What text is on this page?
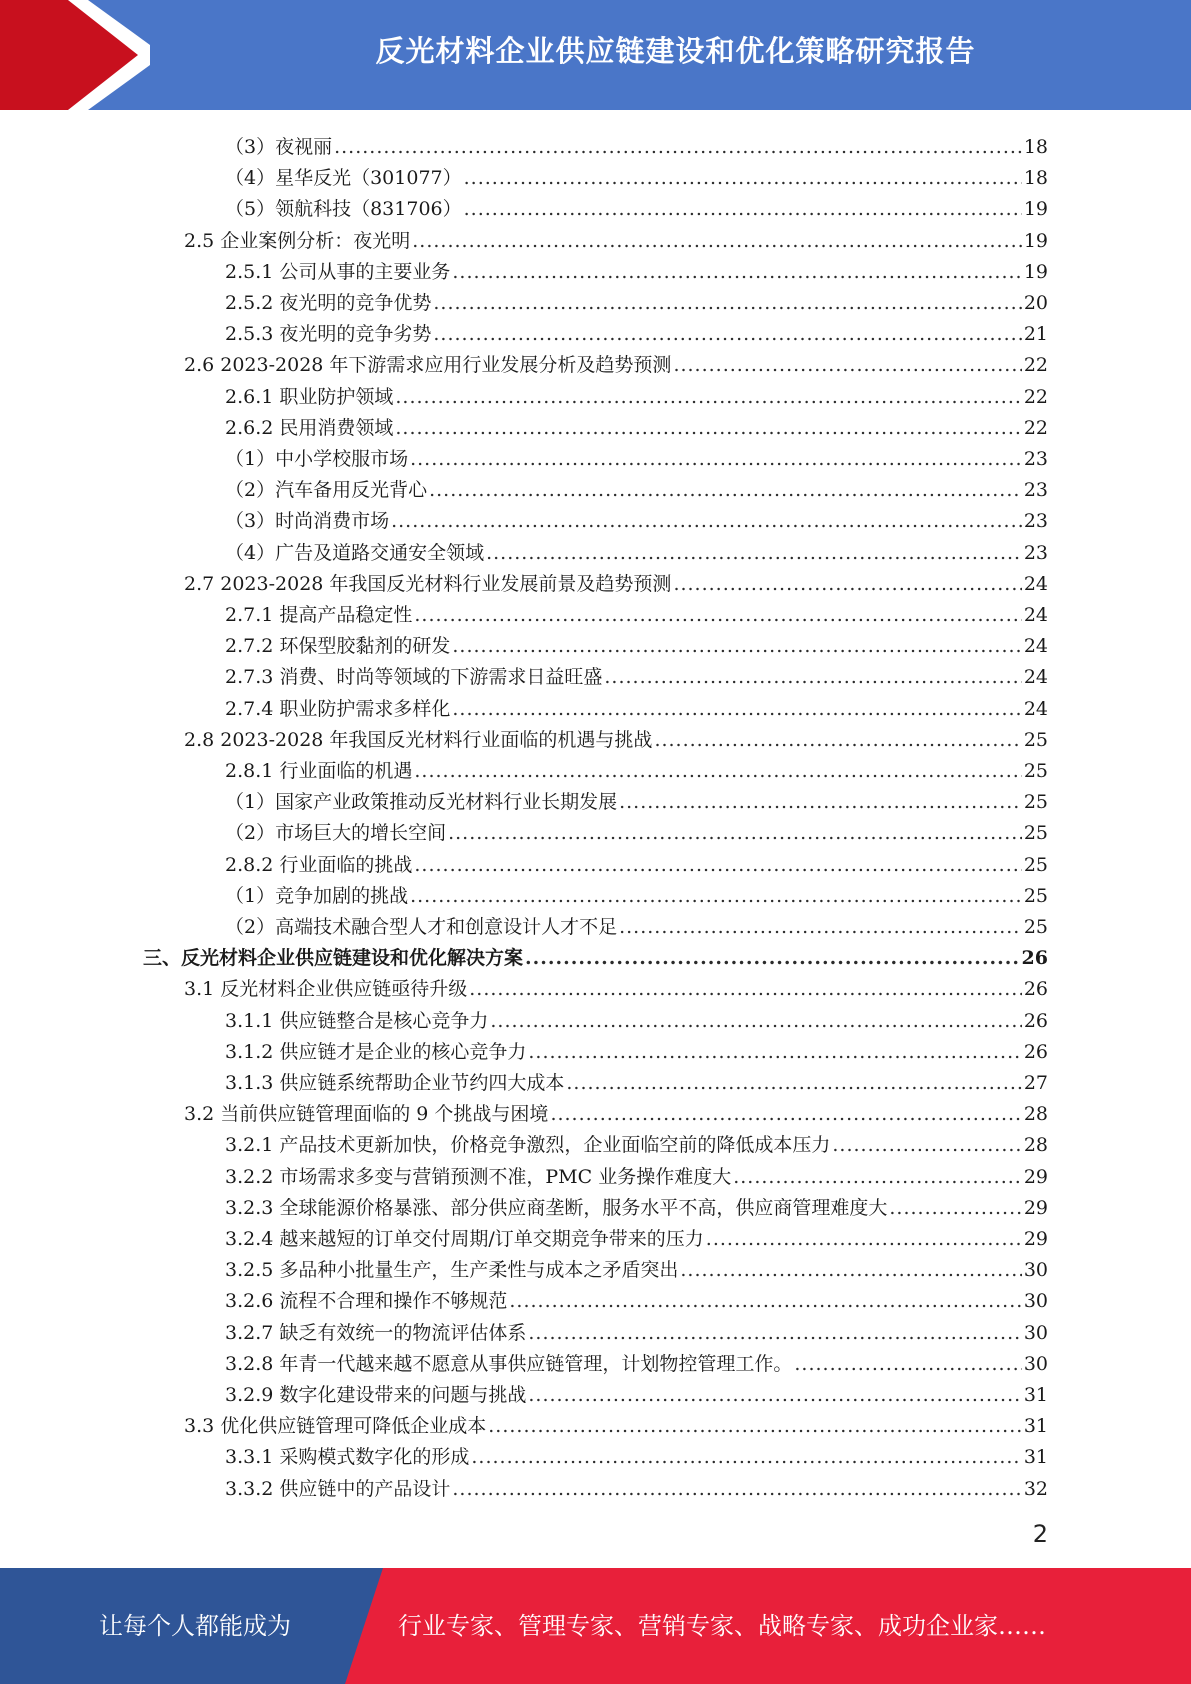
反光材料企业供应链建设和优化策略研究报告
（3）夜视丽 .....	18
（4）星华反光（301077） .....	18
（5）领航科技（831706） .....	19
2.5 企业案例分析：夜光明 .....	19
2.5.1 公司从事的主要业务 .....	19
2.5.2 夜光明的竞争优势 .....	20
2.5.3 夜光明的竞争劣势 .....	21
2.6 2023-2028 年下游需求应用行业发展分析及趋势预测 .....	22
2.6.1 职业防护领域 .....	22
2.6.2 民用消费领域 .....	22
（1）中小学校服市场 .....	23
（2）汽车备用反光背心 .....	23
（3）时尚消费市场 .....	23
（4）广告及道路交通安全领域 .....	23
2.7 2023-2028 年我国反光材料行业发展前景及趋势预测 .....	24
2.7.1 提高产品稳定性 .....	24
2.7.2 环保型胶黏剂的研发 .....	24
2.7.3 消费、时尚等领域的下游需求日益旺盛 .....	24
2.7.4 职业防护需求多样化 .....	24
2.8 2023-2028 年我国反光材料行业面临的机遇与挑战 .....	25
2.8.1 行业面临的机遇 .....	25
（1）国家产业政策推动反光材料行业长期发展 .....	25
（2）市场巨大的增长空间 .....	25
2.8.2 行业面临的挑战 .....	25
（1）竞争加剧的挑战 .....	25
（2）高端技术融合型人才和创意设计人才不足 .....	25
三、反光材料企业供应链建设和优化解决方案 .....	26
3.1 反光材料企业供应链亟待升级 .....	26
3.1.1 供应链整合是核心竞争力 .....	26
3.1.2 供应链才是企业的核心竞争力 .....	26
3.1.3 供应链系统帮助企业节约四大成本 .....	27
3.2 当前供应链管理面临的 9 个挑战与困境 .....	28
3.2.1 产品技术更新加快，价格竞争激烈，企业面临空前的降低成本压力 .....	28
3.2.2 市场需求多变与营销预测不准，PMC 业务操作难度大 .....	29
3.2.3 全球能源价格暴涨、部分供应商垄断，服务水平不高，供应商管理难度大 .....	29
3.2.4 越来越短的订单交付周期/订单交期竞争带来的压力 .....	29
3.2.5 多品种小批量生产，生产柔性与成本之矛盾突出 .....	30
3.2.6 流程不合理和操作不够规范 .....	30
3.2.7 缺乏有效统一的物流评估体系 .....	30
3.2.8 年青一代越来越不愿意从事供应链管理，计划物控管理工作。 .....	30
3.2.9 数字化建设带来的问题与挑战 .....	31
3.3 优化供应链管理可降低企业成本 .....	31
3.3.1 采购模式数字化的形成 .....	31
3.3.2 供应链中的产品设计 .....	32
2
让每个人都能成为	行业专家、管理专家、营销专家、战略专家、成功企业家……
